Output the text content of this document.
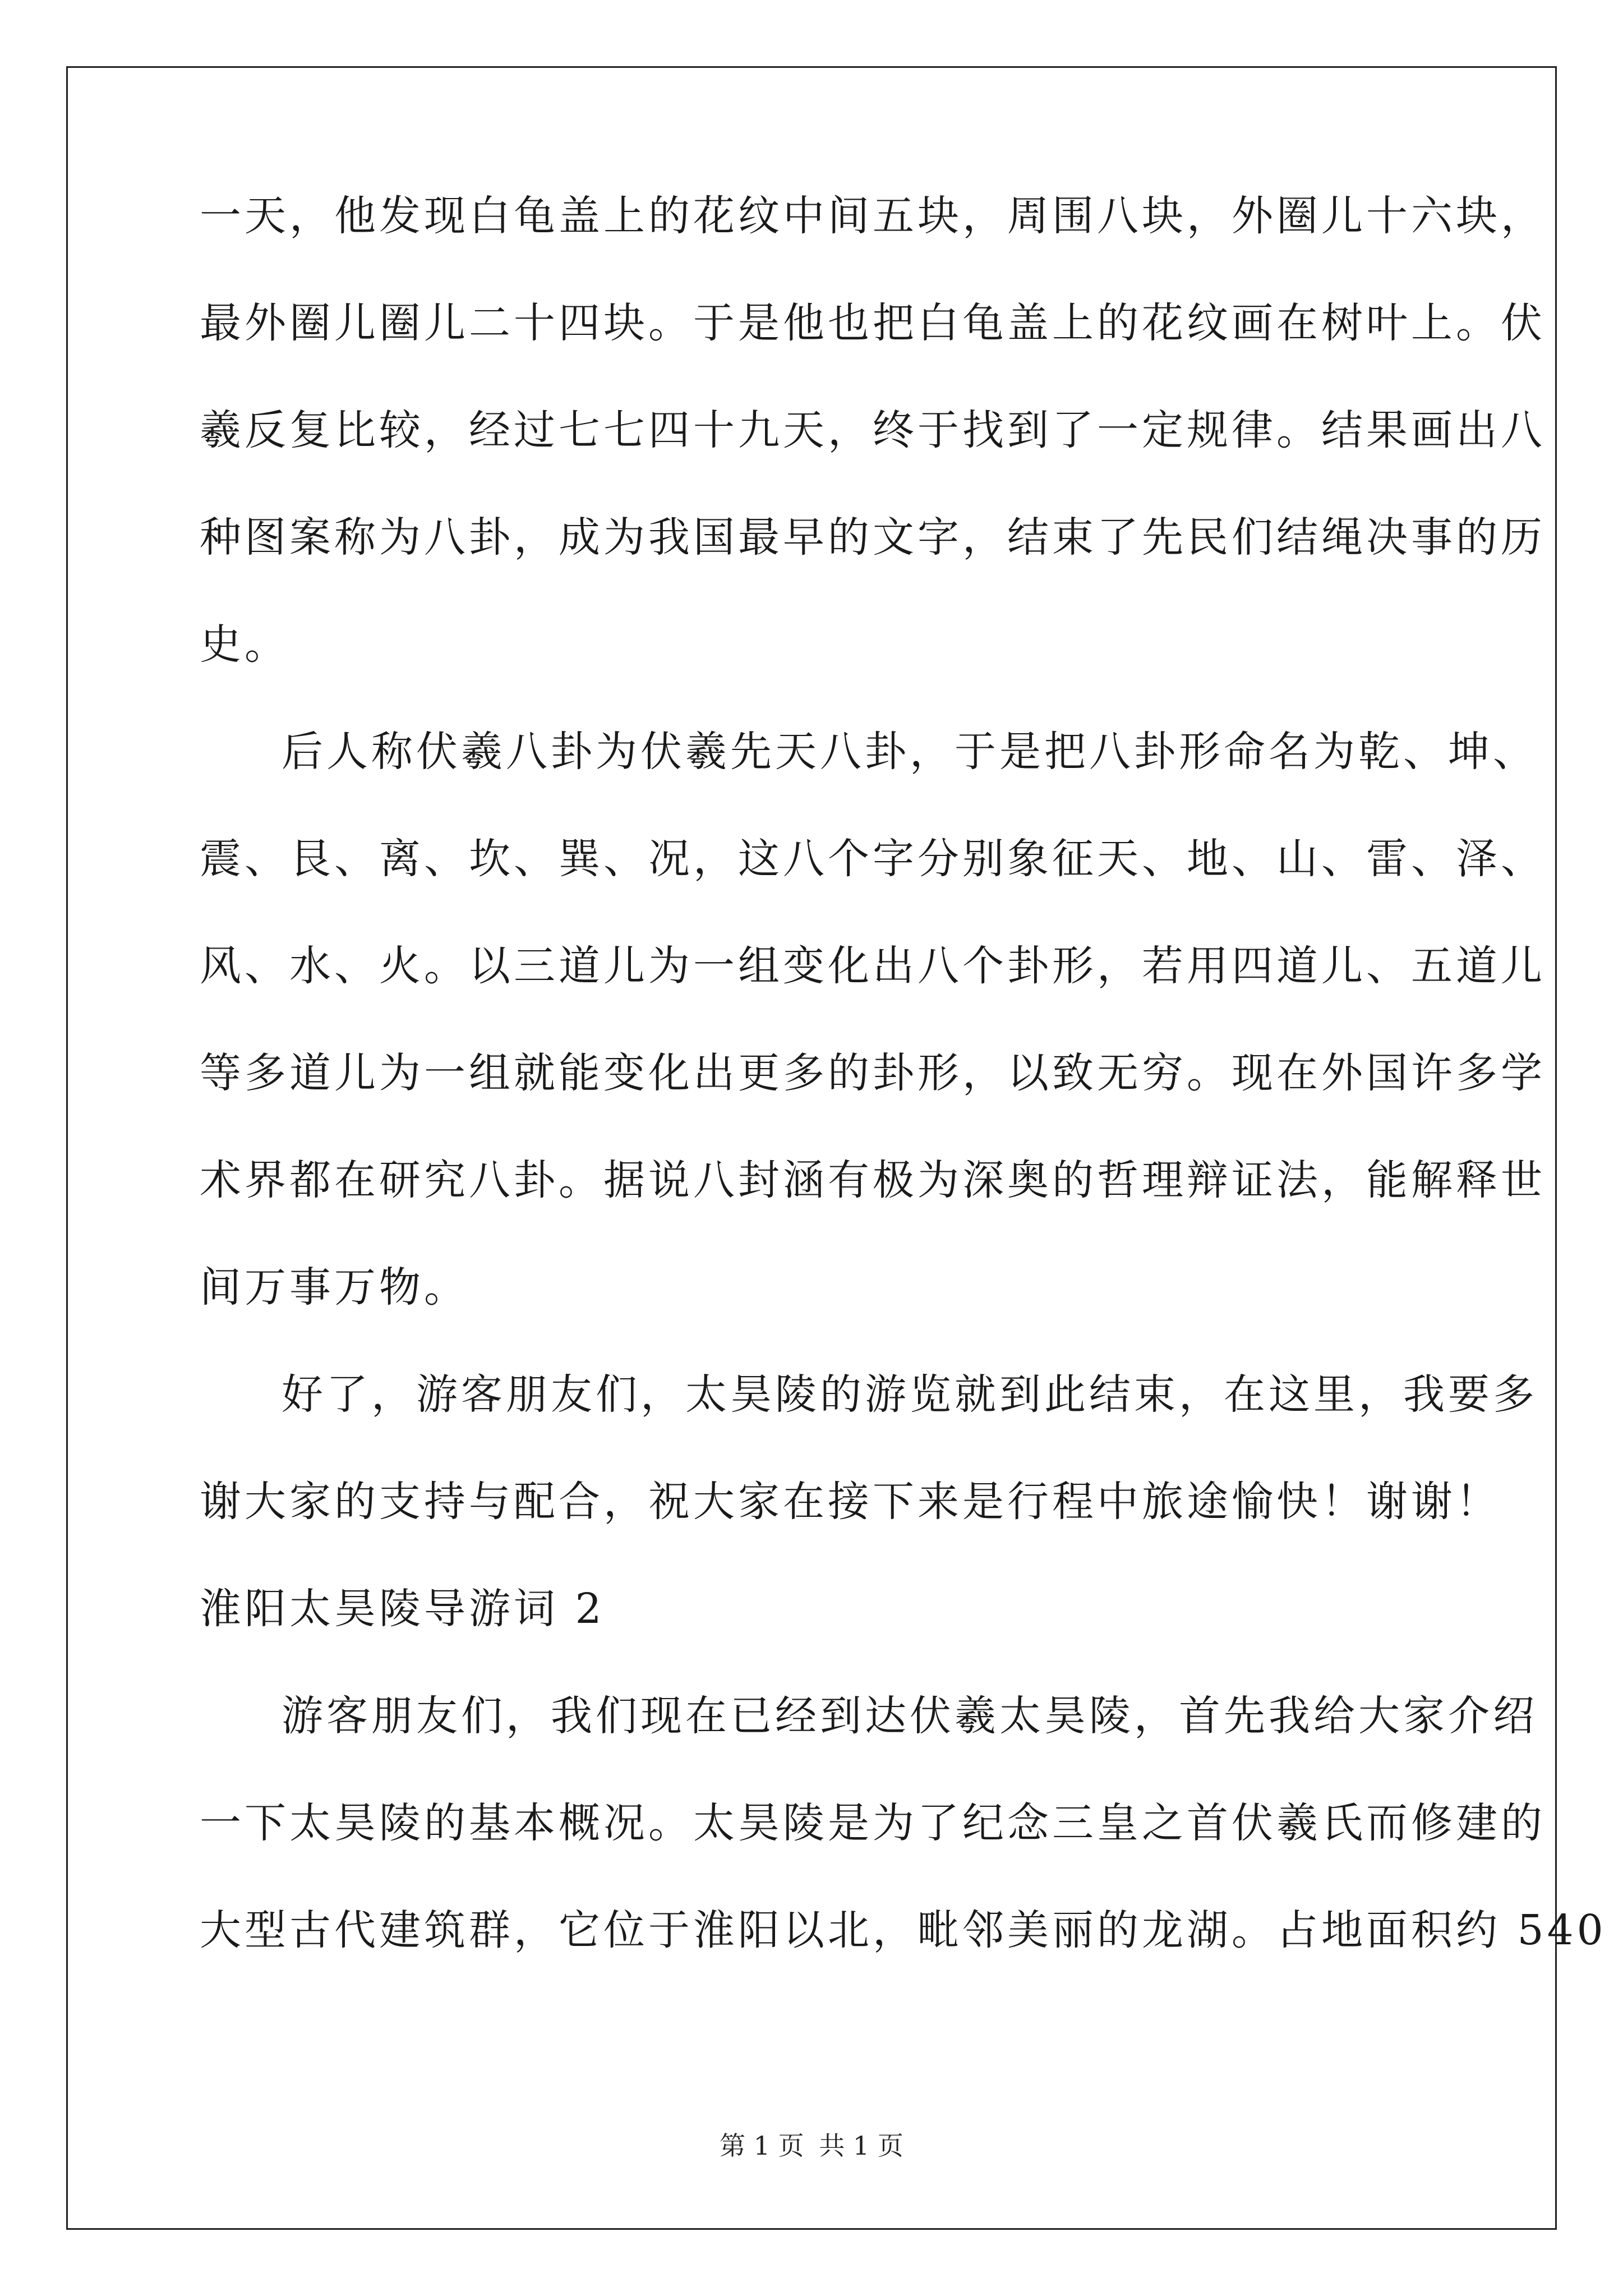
一天，他发现白龟盖上的花纹中间五块，周围八块，外圈儿十六块，
最外圈儿圈儿二十四块。于是他也把白龟盖上的花纹画在树叶上。伏
羲反复比较，经过七七四十九天，终于找到了一定规律。结果画出八
种图案称为八卦，成为我国最早的文字，结束了先民们结绳决事的历
史。
后人称伏羲八卦为伏羲先天八卦，于是把八卦形命名为乾、坤、
震、艮、离、坎、巽、况，这八个字分别象征天、地、山、雷、泽、
风、水、火。以三道儿为一组变化出八个卦形，若用四道儿、五道儿
等多道儿为一组就能变化出更多的卦形，以致无穷。现在外国许多学
术界都在研究八卦。据说八封涵有极为深奥的哲理辩证法，能解释世
间万事万物。
好了，游客朋友们，太昊陵的游览就到此结束，在这里，我要多
谢大家的支持与配合，祝大家在接下来是行程中旅途愉快！谢谢！
淮阳太昊陵导游词 2
游客朋友们，我们现在已经到达伏羲太昊陵，首先我给大家介绍
一下太昊陵的基本概况。太昊陵是为了纪念三皇之首伏羲氏而修建的
大型古代建筑群，它位于淮阳以北，毗邻美丽的龙湖。占地面积约 540
第 1 页 共 1 页
